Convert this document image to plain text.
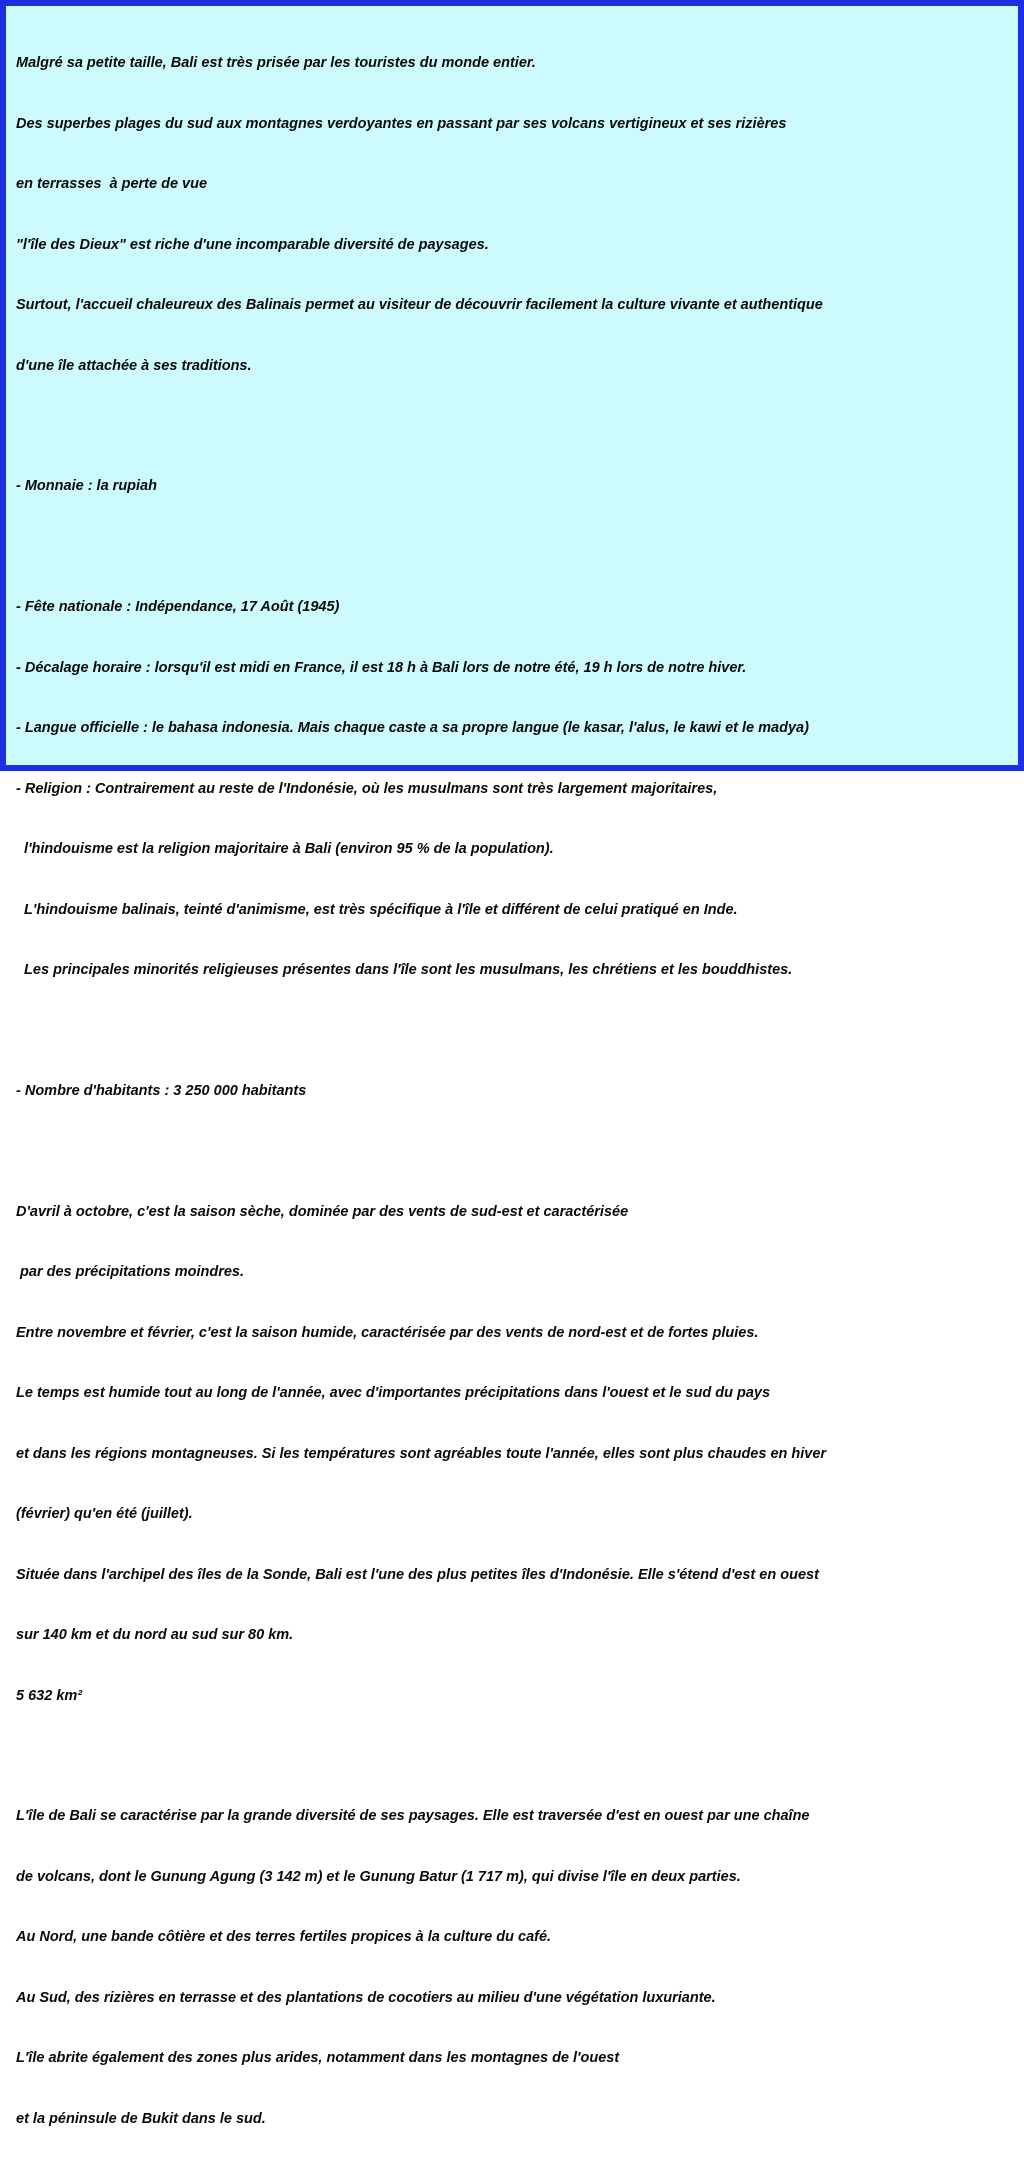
Malgré sa petite taille, Bali est très prisée par les touristes du monde entier.

Des superbes plages du sud aux montagnes verdoyantes en passant par ses volcans vertigineux et ses rizières

en terrasses  à perte de vue

"l'île des Dieux" est riche d'une incomparable diversité de paysages.

Surtout, l'accueil chaleureux des Balinais permet au visiteur de découvrir facilement la culture vivante et authentique

d'une île attachée à ses traditions.

- Monnaie : la rupiah

- Fête nationale : Indépendance, 17 Août (1945)

- Décalage horaire : lorsqu'il est midi en France, il est 18 h à Bali lors de notre été, 19 h lors de notre hiver.

- Langue officielle : le bahasa indonesia. Mais chaque caste a sa propre langue (le kasar, l'alus, le kawi et le madya)

- Religion : Contrairement au reste de l'Indonésie, où les musulmans sont très largement majoritaires,

l'hindouisme est la religion majoritaire à Bali (environ 95 % de la population).

L'hindouisme balinais, teinté d'animisme, est très spécifique à l'île et différent de celui pratiqué en Inde.

Les principales minorités religieuses présentes dans l'île sont les musulmans, les chrétiens et les bouddhistes.

- Nombre d'habitants : 3 250 000 habitants

D'avril à octobre, c'est la saison sèche, dominée par des vents de sud-est et caractérisée

par des précipitations moindres.

Entre novembre et février, c'est la saison humide, caractérisée par des vents de nord-est et de fortes pluies.

Le temps est humide tout au long de l'année, avec d'importantes précipitations dans l'ouest et le sud du pays

et dans les régions montagneuses. Si les températures sont agréables toute l'année, elles sont plus chaudes en hiver

(février) qu'en été (juillet).

Située dans l'archipel des îles de la Sonde, Bali est l'une des plus petites îles d'Indonésie. Elle s'étend d'est en ouest

sur 140 km et du nord au sud sur 80 km.

5 632 km²

L'île de Bali se caractérise par la grande diversité de ses paysages. Elle est traversée d'est en ouest par une chaîne

de volcans, dont le Gunung Agung (3 142 m) et le Gunung Batur (1 717 m), qui divise l'île en deux parties.

Au Nord, une bande côtière et des terres fertiles propices à la culture du café.

Au Sud, des rizières en terrasse et des plantations de cocotiers au milieu d'une végétation luxuriante.

L'île abrite également des zones plus arides, notamment dans les montagnes de l'ouest

et la péninsule de Bukit dans le sud.
